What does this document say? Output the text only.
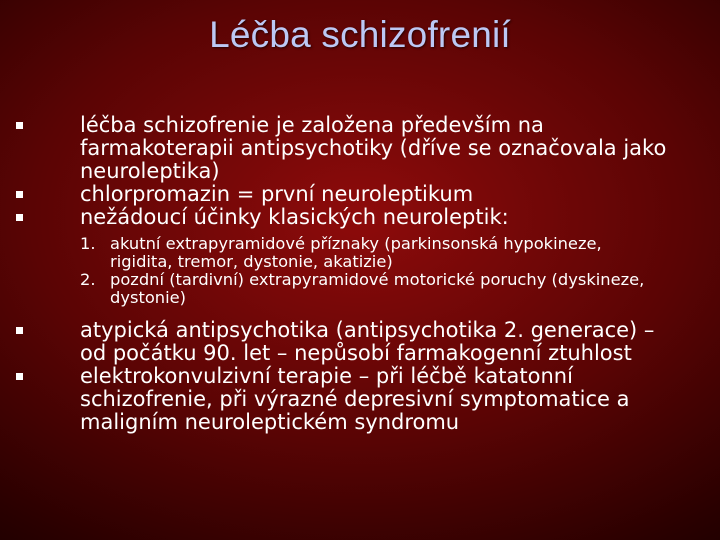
Léčba schizofrenií
léčba schizofrenie je založena především na farmakoterapii antipsychotiky (dříve se označovala jako neuroleptika)
chlorpromazin = první neuroleptikum
nežádoucí účinky klasických neuroleptik:
1. akutní extrapyramidové příznaky (parkinsonská hypokineze, rigidita, tremor, dystonie, akatizie)
2. pozdní (tardivní) extrapyramidové motorické poruchy (dyskineze, dystonie)
atypická antipsychotika (antipsychotika 2. generace) – od počátku 90. let – nepůsobí farmakogenní ztuhlost
elektrokonvulzivní terapie – při léčbě katatonní schizofrenie, při výrazné depresivní symptomatice a maligním neuroleptickém syndromu
